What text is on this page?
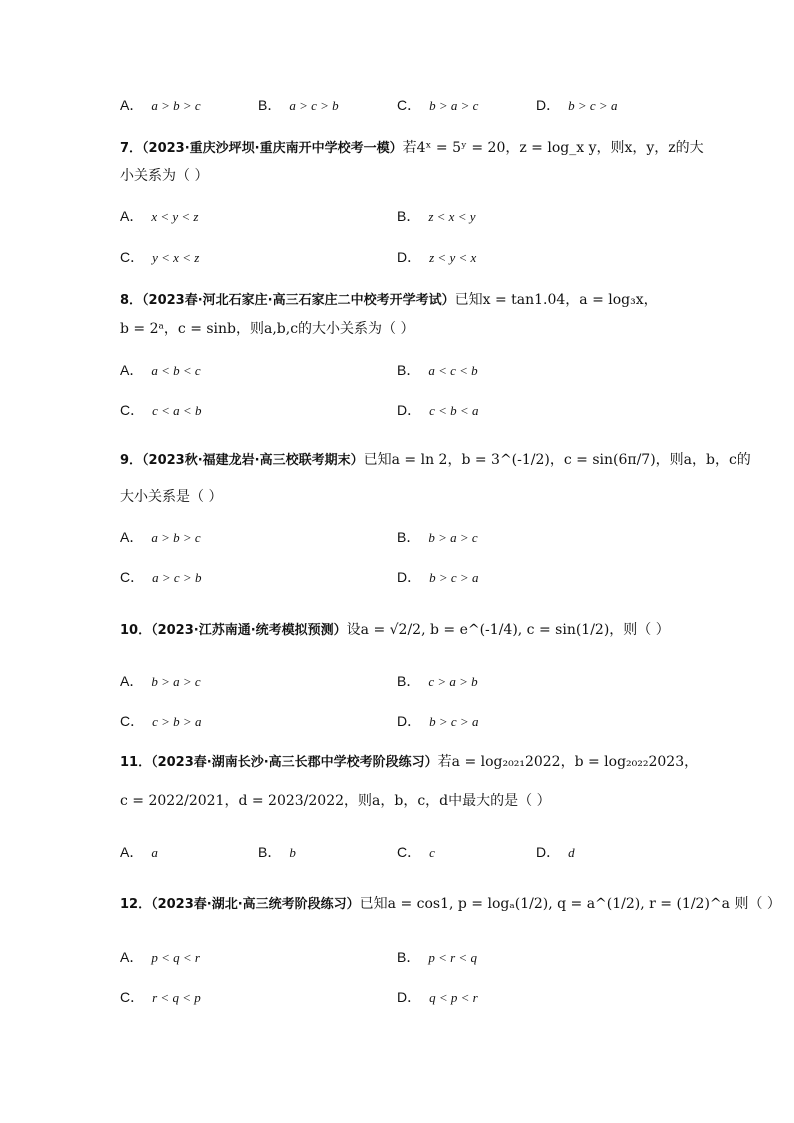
A． a > b > c	B． a > c > b	C． b > a > c	D． b > c > a
7．（2023·重庆沙坪坝·重庆南开中学校考一模）若4ˣ = 5ʸ = 20，z = log_x y，则x，y，z的大
小关系为（ ）
A． x < y < z	B． z < x < y
C． y < x < z	D． z < y < x
8．（2023春·河北石家庄·高三石家庄二中校考开学考试）已知x = tan1.04，a = log₃x，
b = 2ᵃ，c = sinb，则a,b,c的大小关系为（ ）
A． a < b < c	B． a < c < b
C． c < a < b	D． c < b < a
9．（2023秋·福建龙岩·高三校联考期末）已知a = ln 2，b = 3^(-1/2)，c = sin(6π/7)，则a，b，c的
大小关系是（ ）
A． a > b > c	B． b > a > c
C． a > c > b	D． b > c > a
10．（2023·江苏南通·统考模拟预测）设a = √2/2, b = e^(-1/4), c = sin(1/2)，则（ ）
A． b > a > c	B． c > a > b
C． c > b > a	D． b > c > a
11．（2023春·湖南长沙·高三长郡中学校考阶段练习）若a = log₂₀₂₁2022，b = log₂₀₂₂2023，
c = 2022/2021，d = 2023/2022，则a，b，c，d中最大的是（ ）
A． a	B． b	C． c	D． d
12．（2023春·湖北·高三统考阶段练习）已知a = cos1, p = logₐ(1/2), q = a^(1/2), r = (1/2)^a 则（ ）
A． p < q < r	B． p < r < q
C． r < q < p	D． q < p < r
